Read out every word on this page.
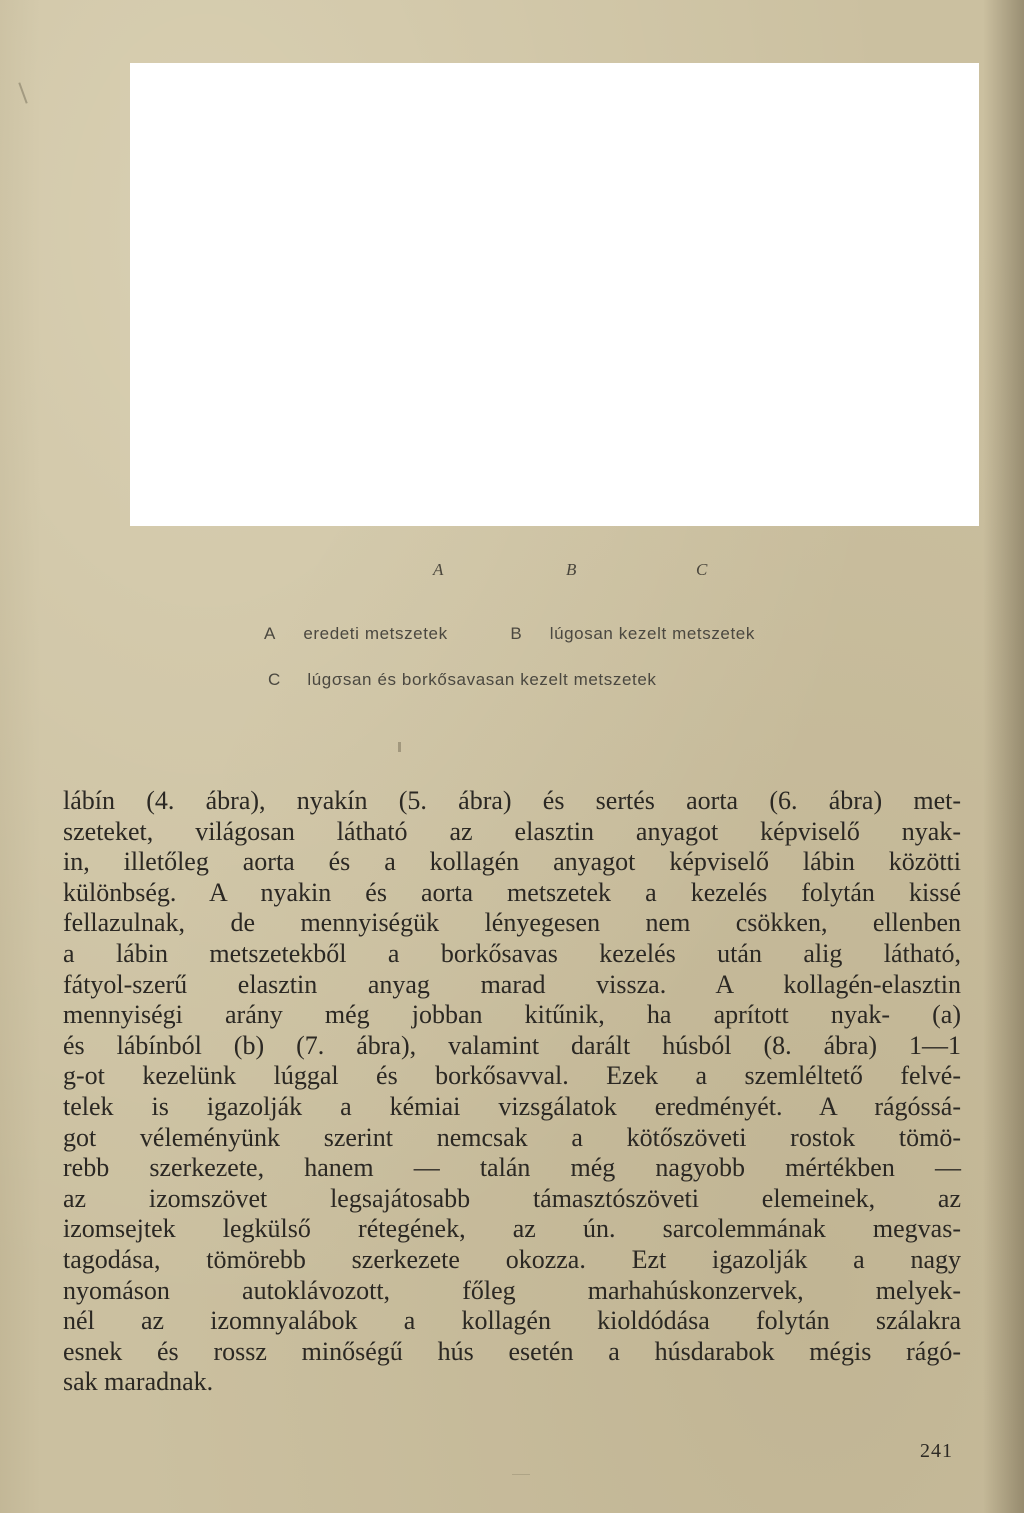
A	B	C
A eredeti metszetek	B lúgosan kezelt metszetek
C lúgσsan és borkősavasan kezelt metszetek
lábín (4. ábra), nyakín (5. ábra) és sertés aorta (6. ábra) met-
szeteket, világosan látható az elasztin anyagot képviselő nyak-
in, illetőleg aorta és a kollagén anyagot képviselő lábin közötti
különbség. A nyakin és aorta metszetek a kezelés folytán kissé
fellazulnak, de mennyiségük lényegesen nem csökken, ellenben
a lábin metszetekből a borkősavas kezelés után alig látható,
fátyol-szerű elasztin anyag marad vissza. A kollagén-elasztin
mennyiségi arány még jobban kitűnik, ha aprított nyak- (a)
és lábínból (b) (7. ábra), valamint darált húsból (8. ábra) 1—1
g-ot kezelünk lúggal és borkősavval. Ezek a szemléltető felvé-
telek is igazolják a kémiai vizsgálatok eredményét. A rágóssá-
got véleményünk szerint nemcsak a kötőszöveti rostok tömö-
rebb szerkezete, hanem — talán még nagyobb mértékben —
az izomszövet legsajátosabb támasztószöveti elemeinek, az
izomsejtek legkülső rétegének, az ún. sarcolemmának megvas-
tagodása, tömörebb szerkezete okozza. Ezt igazolják a nagy
nyomáson autoklávozott, főleg marhahúskonzervek, melyek-
nél az izomnyalábok a kollagén kioldódása folytán szálakra
esnek és rossz minőségű hús esetén a húsdarabok mégis rágó-
sak maradnak.
241
